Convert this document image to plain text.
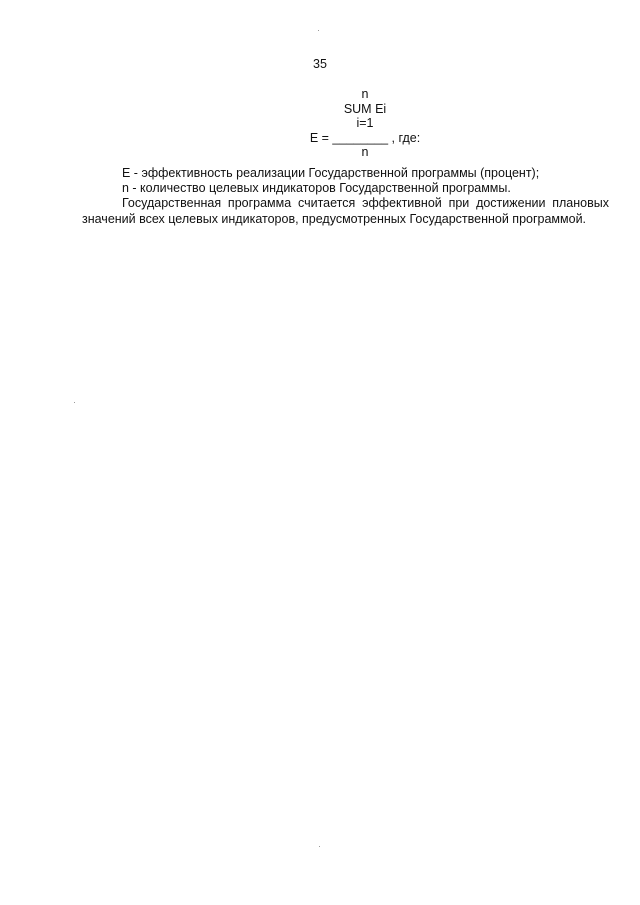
35
n
SUM Ei
i=1
E = ________ , где:
n

E - эффективность реализации Государственной программы (процент);

n - количество целевых индикаторов Государственной программы.

Государственная программа считается эффективной при достижении плановых значений всех целевых индикаторов, предусмотренных Государственной программой.
